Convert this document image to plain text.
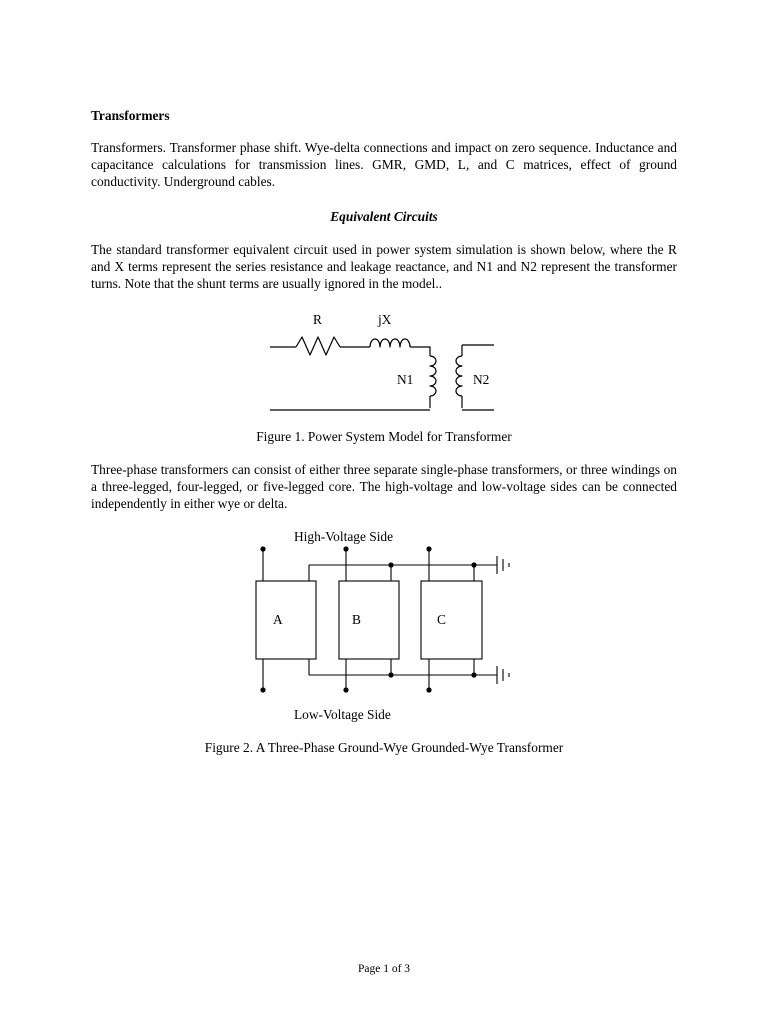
Transformers

Transformers. Transformer phase shift. Wye-delta connections and impact on zero sequence. Inductance and capacitance calculations for transmission lines. GMR, GMD, L, and C matrices, effect of ground conductivity. Underground cables.

Equivalent Circuits

The standard transformer equivalent circuit used in power system simulation is shown below, where the R and X terms represent the series resistance and leakage reactance, and N1 and N2 represent the transformer turns. Note that the shunt terms are usually ignored in the model..

R	jX
N1	N2
Figure 1. Power System Model for Transformer

Three-phase transformers can consist of either three separate single-phase transformers, or three windings on a three-legged, four-legged, or five-legged core. The high-voltage and low-voltage sides can be connected independently in either wye or delta.

High-Voltage Side
A	B	C
Low-Voltage Side
Figure 2. A Three-Phase Ground-Wye Grounded-Wye Transformer
Page 1 of 3
